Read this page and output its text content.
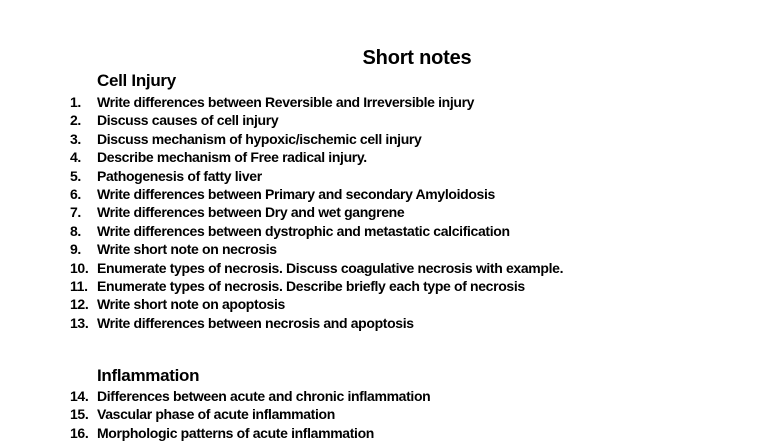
Short notes
Cell Injury
1.	Write differences between Reversible and Irreversible injury
2.	Discuss causes of cell injury
3.	Discuss mechanism of hypoxic/ischemic cell injury
4.	Describe mechanism of Free radical injury.
5.	Pathogenesis of fatty liver
6.	Write differences between Primary and secondary Amyloidosis
7.	Write differences between Dry and wet gangrene
8.	Write differences between dystrophic and metastatic calcification
9.	Write short note on necrosis
10. Enumerate types of necrosis. Discuss coagulative necrosis with example.
11. Enumerate types of necrosis. Describe briefly each type of necrosis
12. Write short note on apoptosis
13. Write differences between necrosis and apoptosis
Inflammation
14. Differences between acute and chronic inflammation
15. Vascular phase of acute inflammation
16. Morphologic patterns of acute inflammation
